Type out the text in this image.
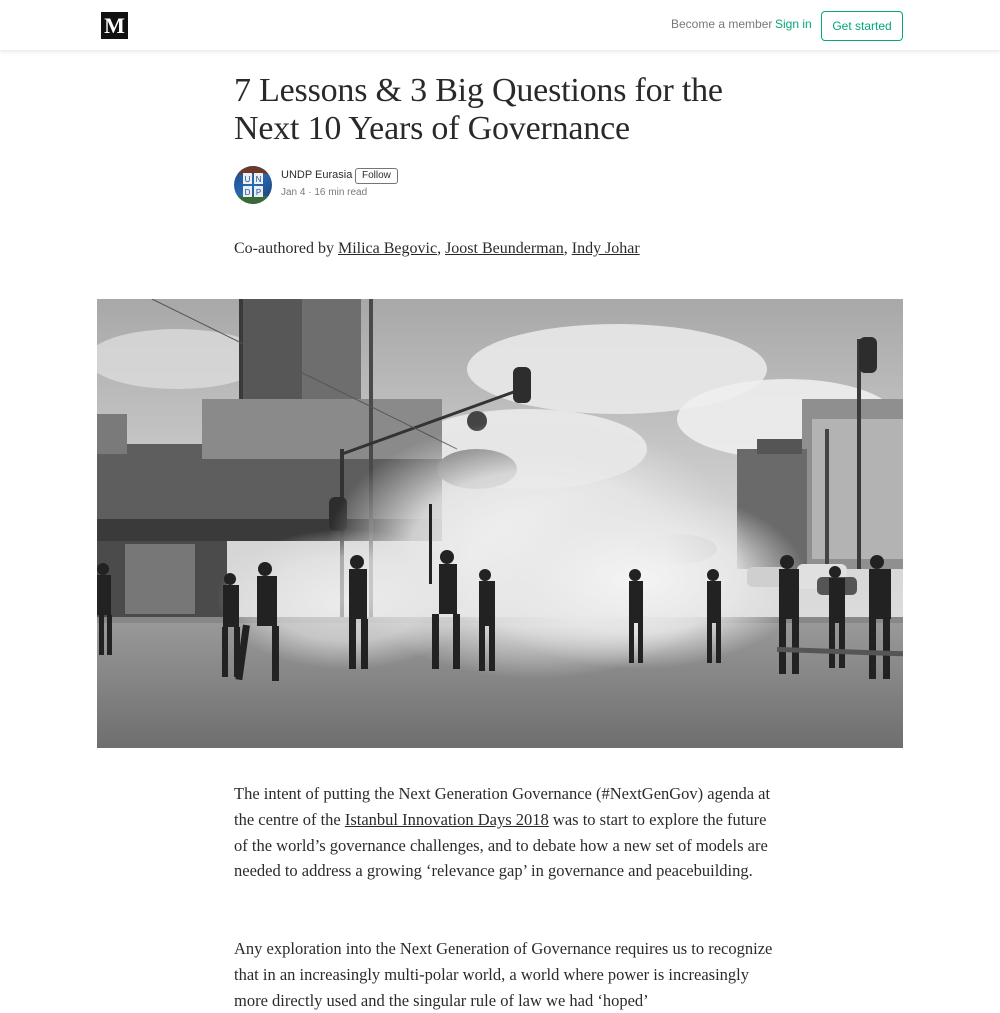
M	Become a member Sign in	Get started
7 Lessons & 3 Big Questions for the Next 10 Years of Governance
U N
D P
UNDP Eurasia Follow
Jan 4 · 16 min read
Co-authored by Milica Begovic, Joost Beunderman, Indy Johar

The intent of putting the Next Generation Governance (#NextGenGov) agenda at the centre of the Istanbul Innovation Days 2018 was to start to explore the future of the world’s governance challenges, and to debate how a new set of models are needed to address a growing ‘relevance gap’ in governance and peacebuilding.

Any exploration into the Next Generation of Governance requires us to recognize that in an increasingly multi-polar world, a world where power is increasingly more directly used and the singular rule of law we had ‘hoped’
